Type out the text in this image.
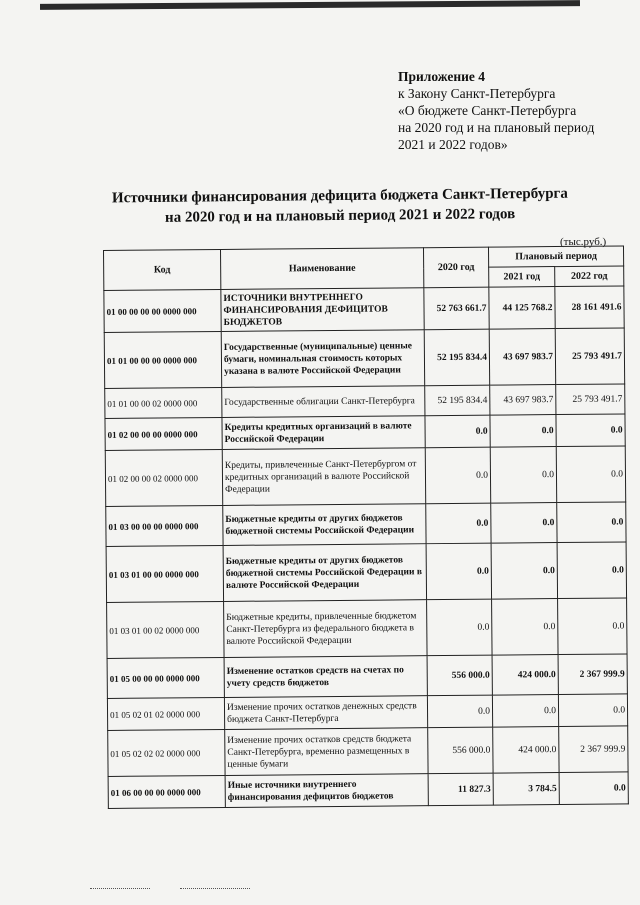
Приложение 4
к Закону Санкт-Петербурга
«О бюджете Санкт-Петербурга
на 2020 год и на плановый период
2021 и 2022 годов»
Источники финансирования дефицита бюджета Санкт-Петербурга
на 2020 год и на плановый период 2021 и 2022 годов
(тыс.руб.)
Код	Наименование	2020 год	Плановый период	
			2021 год	2022 год
01 00 00 00 00 0000 000	ИСТОЧНИКИ ВНУТРЕННЕГО ФИНАНСИРОВАНИЯ ДЕФИЦИТОВ БЮДЖЕТОВ	52 763 661.7	44 125 768.2	28 161 491.6
01 01 00 00 00 0000 000	Государственные (муниципальные) ценные бумаги, номинальная стоимость которых указана в валюте Российской Федерации	52 195 834.4	43 697 983.7	25 793 491.7
01 01 00 00 02 0000 000	Государственные облигации Санкт-Петербурга	52 195 834.4	43 697 983.7	25 793 491.7
01 02 00 00 00 0000 000	Кредиты кредитных организаций в валюте Российской Федерации	0.0	0.0	0.0
01 02 00 00 02 0000 000	Кредиты, привлеченные Санкт-Петербургом от кредитных организаций в валюте Российской Федерации	0.0	0.0	0.0
01 03 00 00 00 0000 000	Бюджетные кредиты от других бюджетов бюджетной системы Российской Федерации	0.0	0.0	0.0
01 03 01 00 00 0000 000	Бюджетные кредиты от других бюджетов бюджетной системы Российской Федерации в валюте Российской Федерации	0.0	0.0	0.0
01 03 01 00 02 0000 000	Бюджетные кредиты, привлеченные бюджетом Санкт-Петербурга из федерального бюджета в валюте Российской Федерации	0.0	0.0	0.0
01 05 00 00 00 0000 000	Изменение остатков средств на счетах по учету средств бюджетов	556 000.0	424 000.0	2 367 999.9
01 05 02 01 02 0000 000	Изменение прочих остатков денежных средств бюджета Санкт-Петербурга	0.0	0.0	0.0
01 05 02 02 02 0000 000	Изменение прочих остатков средств бюджета Санкт-Петербурга, временно размещенных в ценные бумаги	556 000.0	424 000.0	2 367 999.9
01 06 00 00 00 0000 000	Иные источники внутреннего финансирования дефицитов бюджетов	11 827.3	3 784.5	0.0
